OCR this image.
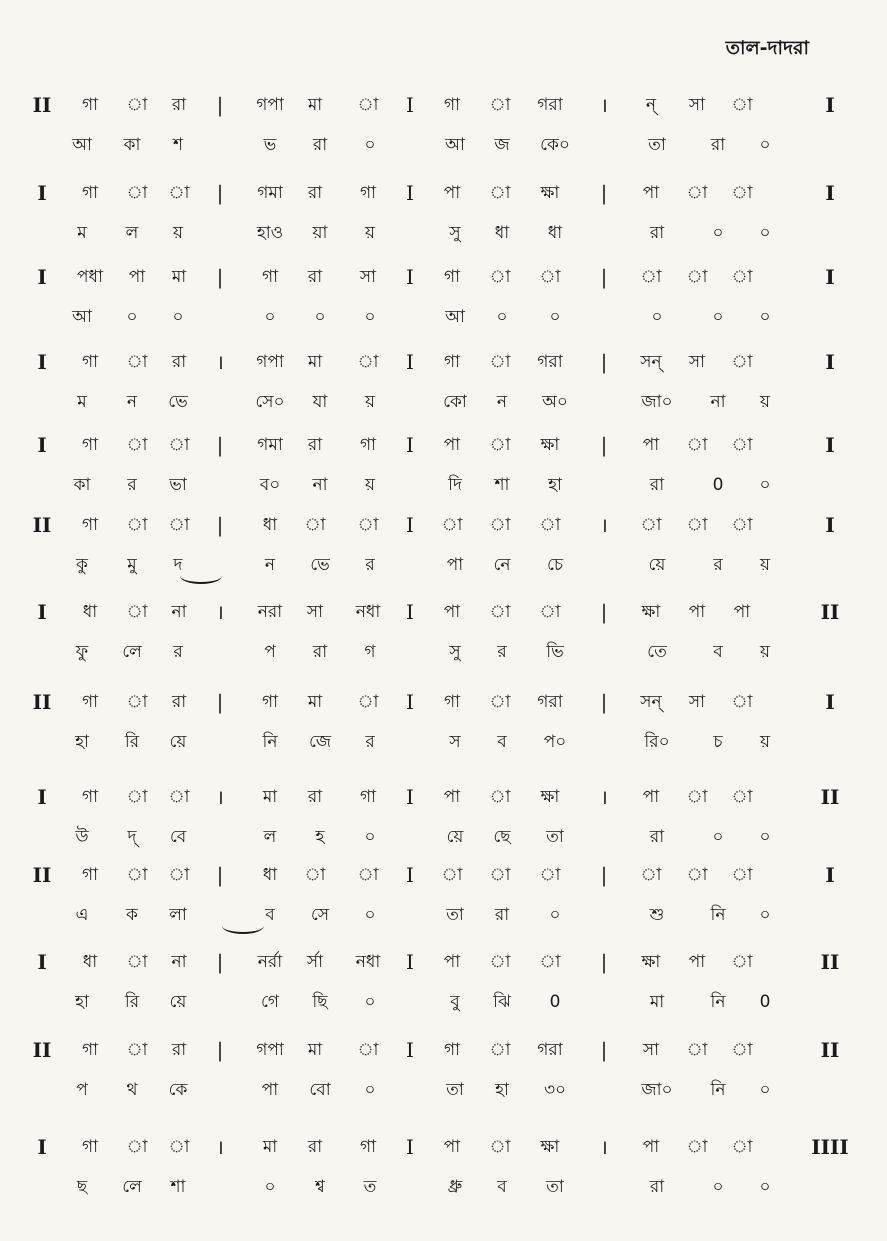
তাল-দাদরা
II গা া রা | গপা মা া I গা া গরা । ন্ সা া	I
আ কা শ	ভ রা ০	আ জ কে০	তা	রা ০
I গা া া | গমা রা গা I পা া ক্ষা | পা া া	I
ম ল য়	হাও য়া য়	সু ধা ধা	রা	০ ০
I পধা পা মা | গা রা সা I গা া া | া া া	I
আ ০ ০	০ ০ ০	আ ০ ০	০	০ ০
I গা া রা । গপা মা া I গা া গরা | সন্ সা া	I
ম ন ভে	সে০ যা য়	কো ন অ০	জা০ না য়
I গা া া | গমা রা গা I পা া ক্ষা | পা া া	I
কা র ভা	ব০ না য়	দি শা হা	রা	0 ০
II গা া া | ধা া া I া া া । া া া	I
কু মু দ	ন ভে র	পা নে চে	য়ে	র য়
I ধা া না । নরা সা নধা I পা া া | ক্ষা পা পা	II
ফু লে র	প রা গ	সু র ভি	তে	ব য়
II গা া রা | গা মা া I গা া গরা | সন্ সা া	I
হা রি য়ে	নি জে র	স ব প০	রি০	চ য়
I গা া া । মা রা গা I পা া ক্ষা । পা া া	II
উ দ্ বে	ল হ ০	য়ে ছে তা	রা	০ ০
II গা া া | ধা া া I া া া | া া া	I
এ ক লা	ব সে ০	তা রা ০	শু	নি ০
I ধা া না | নর্রা র্সা নধা I পা া া | ক্ষা পা া	II
হা রি য়ে	গে ছি ০	বু ঝি 0	মা	নি 0
II গা া রা | গপা মা া I গা া গরা | সা া া	II
প থ কে	পা বো ০	তা হা ৩০	জা০ নি ০
I গা া া । মা রা গা I পা া ক্ষা । পা া া	IIII
ছ লে শা	০ শ্ব ত	ধ্রু ব তা	রা	০ ০
